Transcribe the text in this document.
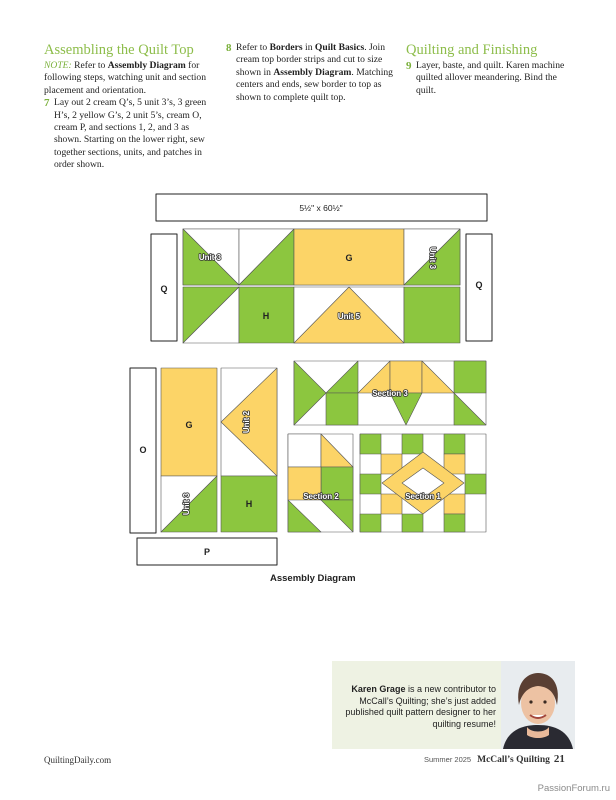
Assembling the Quilt Top
NOTE: Refer to Assembly Diagram for following steps, watching unit and section placement and orientation.
7 Lay out 2 cream Q’s, 5 unit 3’s, 3 green H’s, 2 yellow G’s, 2 unit 5’s, cream O, cream P, and sections 1, 2, and 3 as shown. Starting on the lower right, sew together sections, units, and patches in order shown.
8 Refer to Borders in Quilt Basics. Join cream top border strips and cut to size shown in Assembly Diagram. Matching centers and ends, sew border to top as shown to complete quilt top.
Quilting and Finishing
9 Layer, baste, and quilt. Karen machine quilted allover meandering. Bind the quilt.
5½" x 60½"
Q	Q
G
H
G
H
O
P
Unit 3	Unit 3
Unit 5
Unit 2
Unit 3
Section 3
Section 2	Section 1
Assembly Diagram
Karen Grage is a new contributor to McCall’s Quilting; she’s just added published quilt pattern designer to her quilting resume!
QuiltingDaily.com	Summer 2025 McCall’s Quilting 21
PassionForum.ru
